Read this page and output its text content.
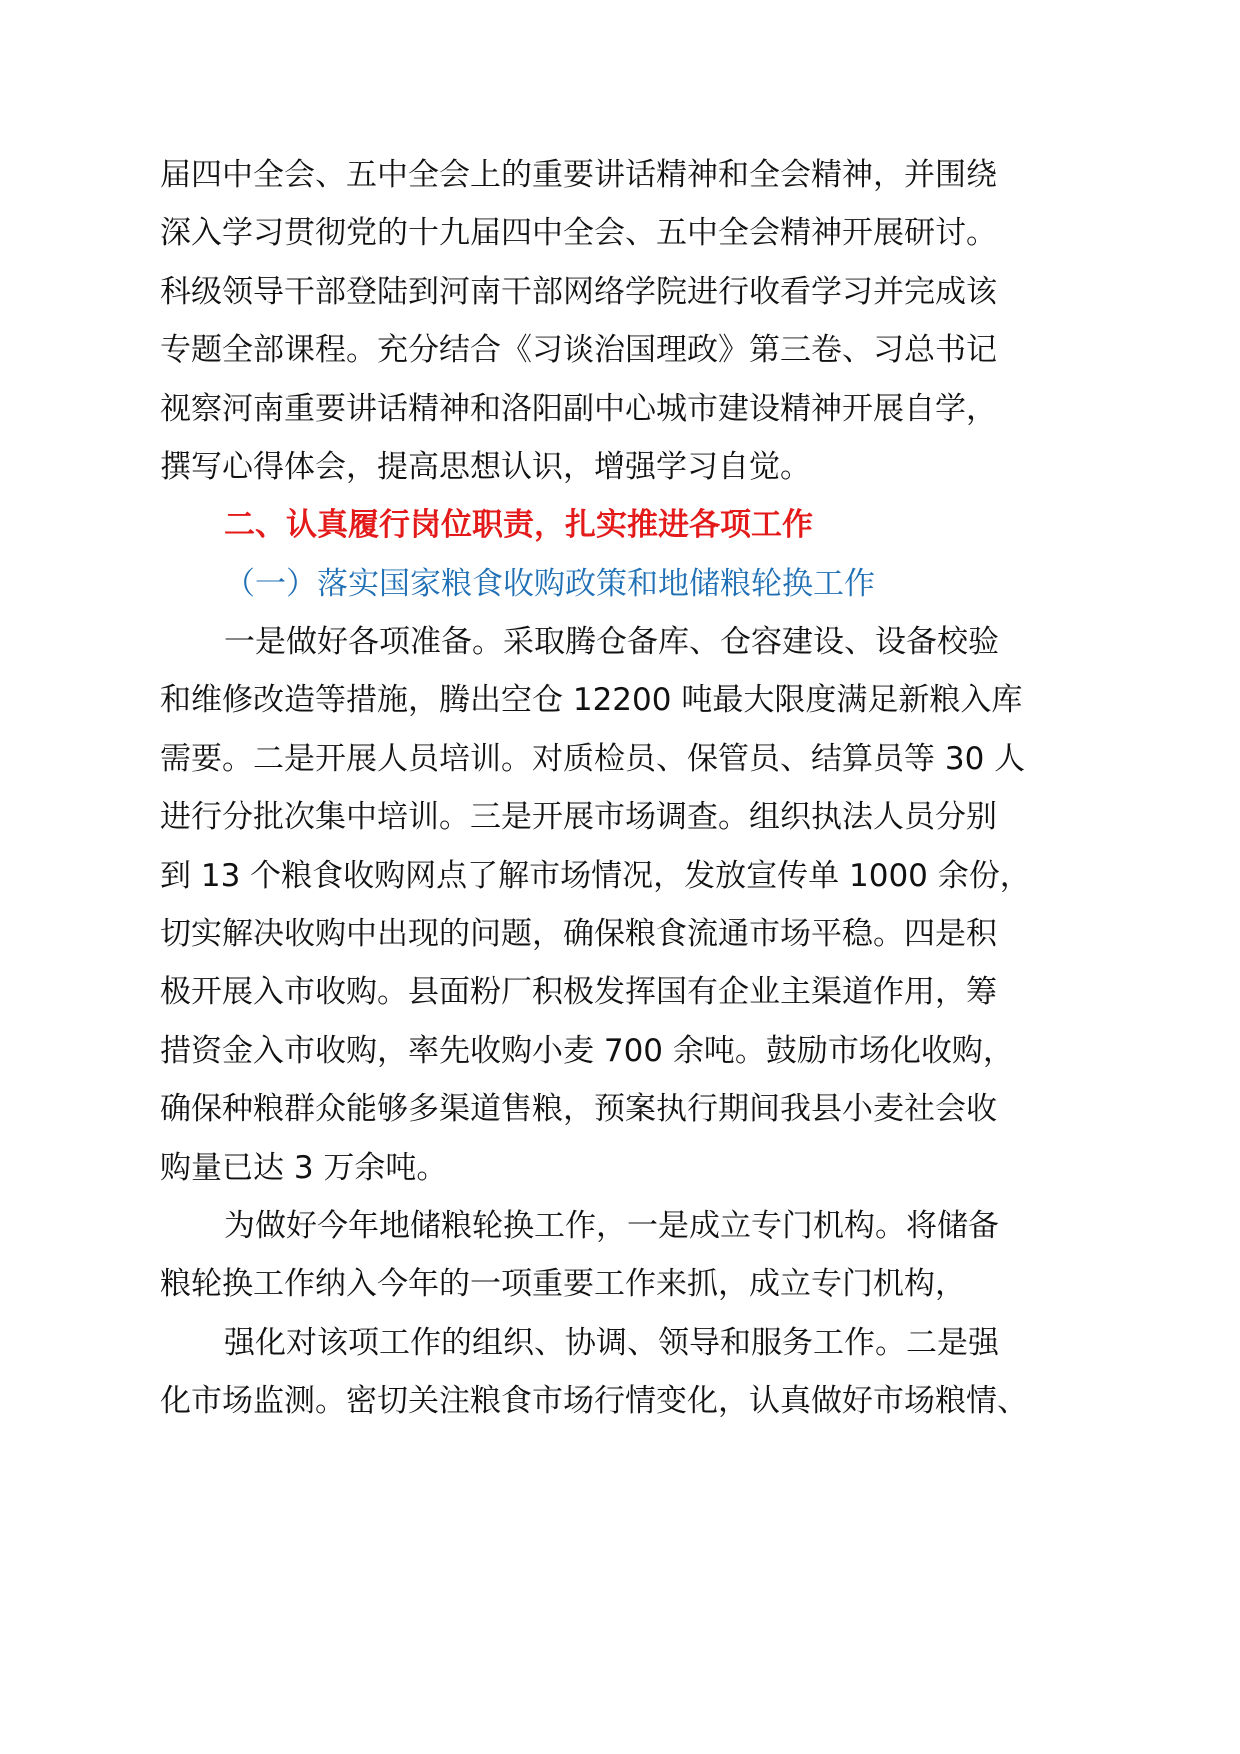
届四中全会、五中全会上的重要讲话精神和全会精神，并围绕
深入学习贯彻党的十九届四中全会、五中全会精神开展研讨。
科级领导干部登陆到河南干部网络学院进行收看学习并完成该
专题全部课程。充分结合《习谈治国理政》第三卷、习总书记
视察河南重要讲话精神和洛阳副中心城市建设精神开展自学，
撰写心得体会，提高思想认识，增强学习自觉。
二、认真履行岗位职责，扎实推进各项工作
（一）落实国家粮食收购政策和地储粮轮换工作
一是做好各项准备。采取腾仓备库、仓容建设、设备校验
和维修改造等措施，腾出空仓 12200 吨最大限度满足新粮入库
需要。二是开展人员培训。对质检员、保管员、结算员等 30 人
进行分批次集中培训。三是开展市场调查。组织执法人员分别
到 13 个粮食收购网点了解市场情况，发放宣传单 1000 余份，
切实解决收购中出现的问题，确保粮食流通市场平稳。四是积
极开展入市收购。县面粉厂积极发挥国有企业主渠道作用，筹
措资金入市收购，率先收购小麦 700 余吨。鼓励市场化收购，
确保种粮群众能够多渠道售粮，预案执行期间我县小麦社会收
购量已达 3 万余吨。
为做好今年地储粮轮换工作，一是成立专门机构。将储备
粮轮换工作纳入今年的一项重要工作来抓，成立专门机构，
强化对该项工作的组织、协调、领导和服务工作。二是强
化市场监测。密切关注粮食市场行情变化，认真做好市场粮情、
